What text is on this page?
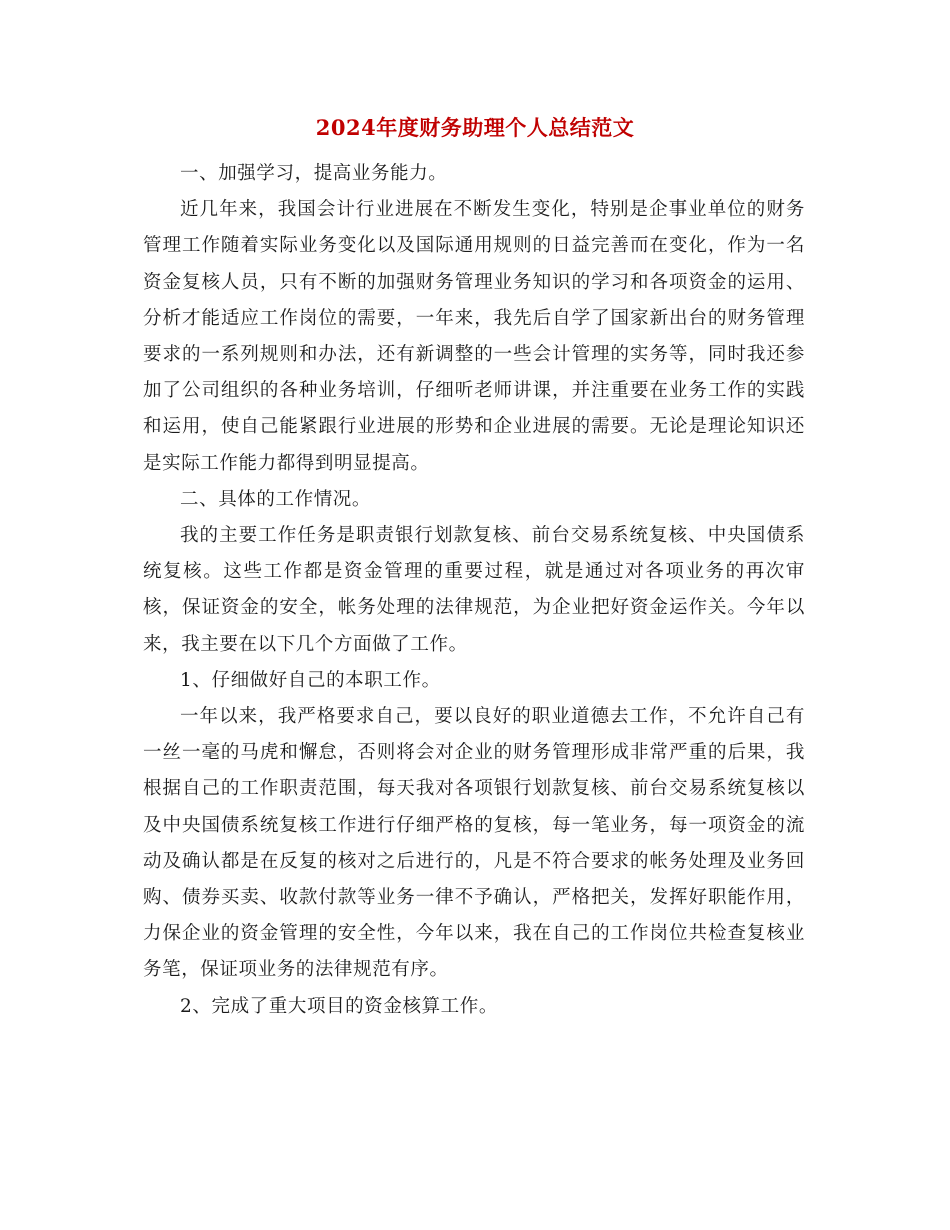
2024年度财务助理个人总结范文

一、加强学习，提高业务能力。

近几年来，我国会计行业进展在不断发生变化，特别是企事业单位的财务管理工作随着实际业务变化以及国际通用规则的日益完善而在变化，作为一名资金复核人员，只有不断的加强财务管理业务知识的学习和各项资金的运用、分析才能适应工作岗位的需要，一年来，我先后自学了国家新出台的财务管理要求的一系列规则和办法，还有新调整的一些会计管理的实务等，同时我还参加了公司组织的各种业务培训，仔细听老师讲课，并注重要在业务工作的实践和运用，使自己能紧跟行业进展的形势和企业进展的需要。无论是理论知识还是实际工作能力都得到明显提高。

二、具体的工作情况。

我的主要工作任务是职责银行划款复核、前台交易系统复核、中央国债系统复核。这些工作都是资金管理的重要过程，就是通过对各项业务的再次审核，保证资金的安全，帐务处理的法律规范，为企业把好资金运作关。今年以来，我主要在以下几个方面做了工作。

1、仔细做好自己的本职工作。

一年以来，我严格要求自己，要以良好的职业道德去工作，不允许自己有一丝一毫的马虎和懈怠，否则将会对企业的财务管理形成非常严重的后果，我根据自己的工作职责范围，每天我对各项银行划款复核、前台交易系统复核以及中央国债系统复核工作进行仔细严格的复核，每一笔业务，每一项资金的流动及确认都是在反复的核对之后进行的，凡是不符合要求的帐务处理及业务回购、债券买卖、收款付款等业务一律不予确认，严格把关，发挥好职能作用，力保企业的资金管理的安全性，今年以来，我在自己的工作岗位共检查复核业务笔，保证项业务的法律规范有序。

2、完成了重大项目的资金核算工作。
